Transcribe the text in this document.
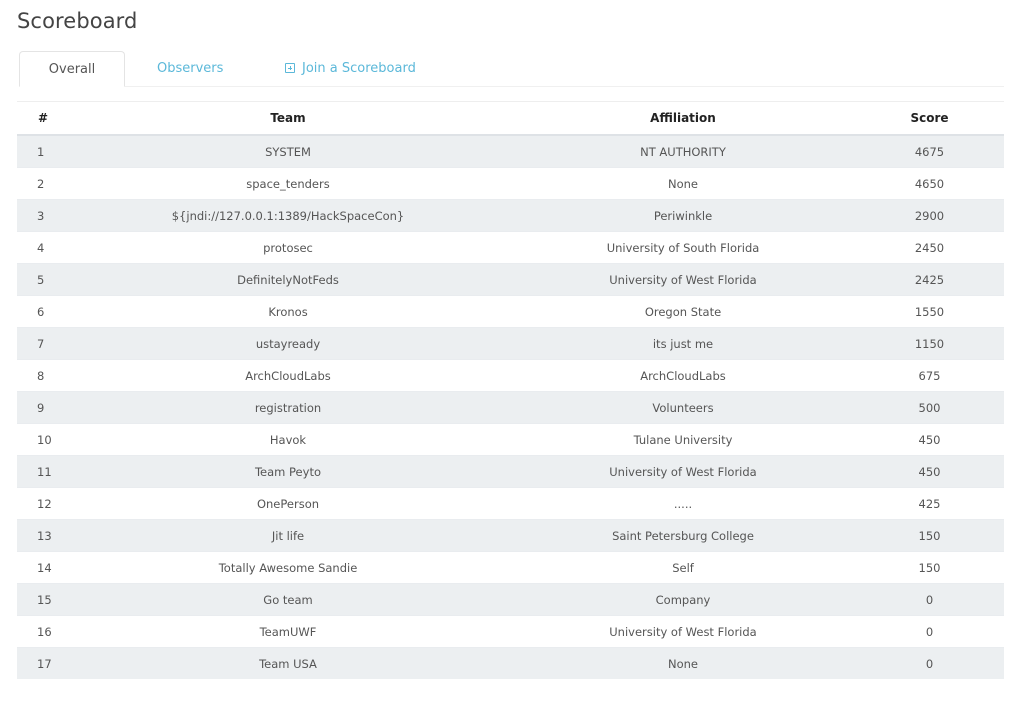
Scoreboard
Overall	Observers	Join a Scoreboard
#	Team	Affiliation	Score
1	SYSTEM	NT AUTHORITY	4675
2	space_tenders	None	4650
3	${jndi://127.0.0.1:1389/HackSpaceCon}	Periwinkle	2900
4	protosec	University of South Florida	2450
5	DefinitelyNotFeds	University of West Florida	2425
6	Kronos	Oregon State	1550
7	ustayready	its just me	1150
8	ArchCloudLabs	ArchCloudLabs	675
9	registration	Volunteers	500
10	Havok	Tulane University	450
11	Team Peyto	University of West Florida	450
12	OnePerson	.....	425
13	Jit life	Saint Petersburg College	150
14	Totally Awesome Sandie	Self	150
15	Go team	Company	0
16	TeamUWF	University of West Florida	0
17	Team USA	None	0
